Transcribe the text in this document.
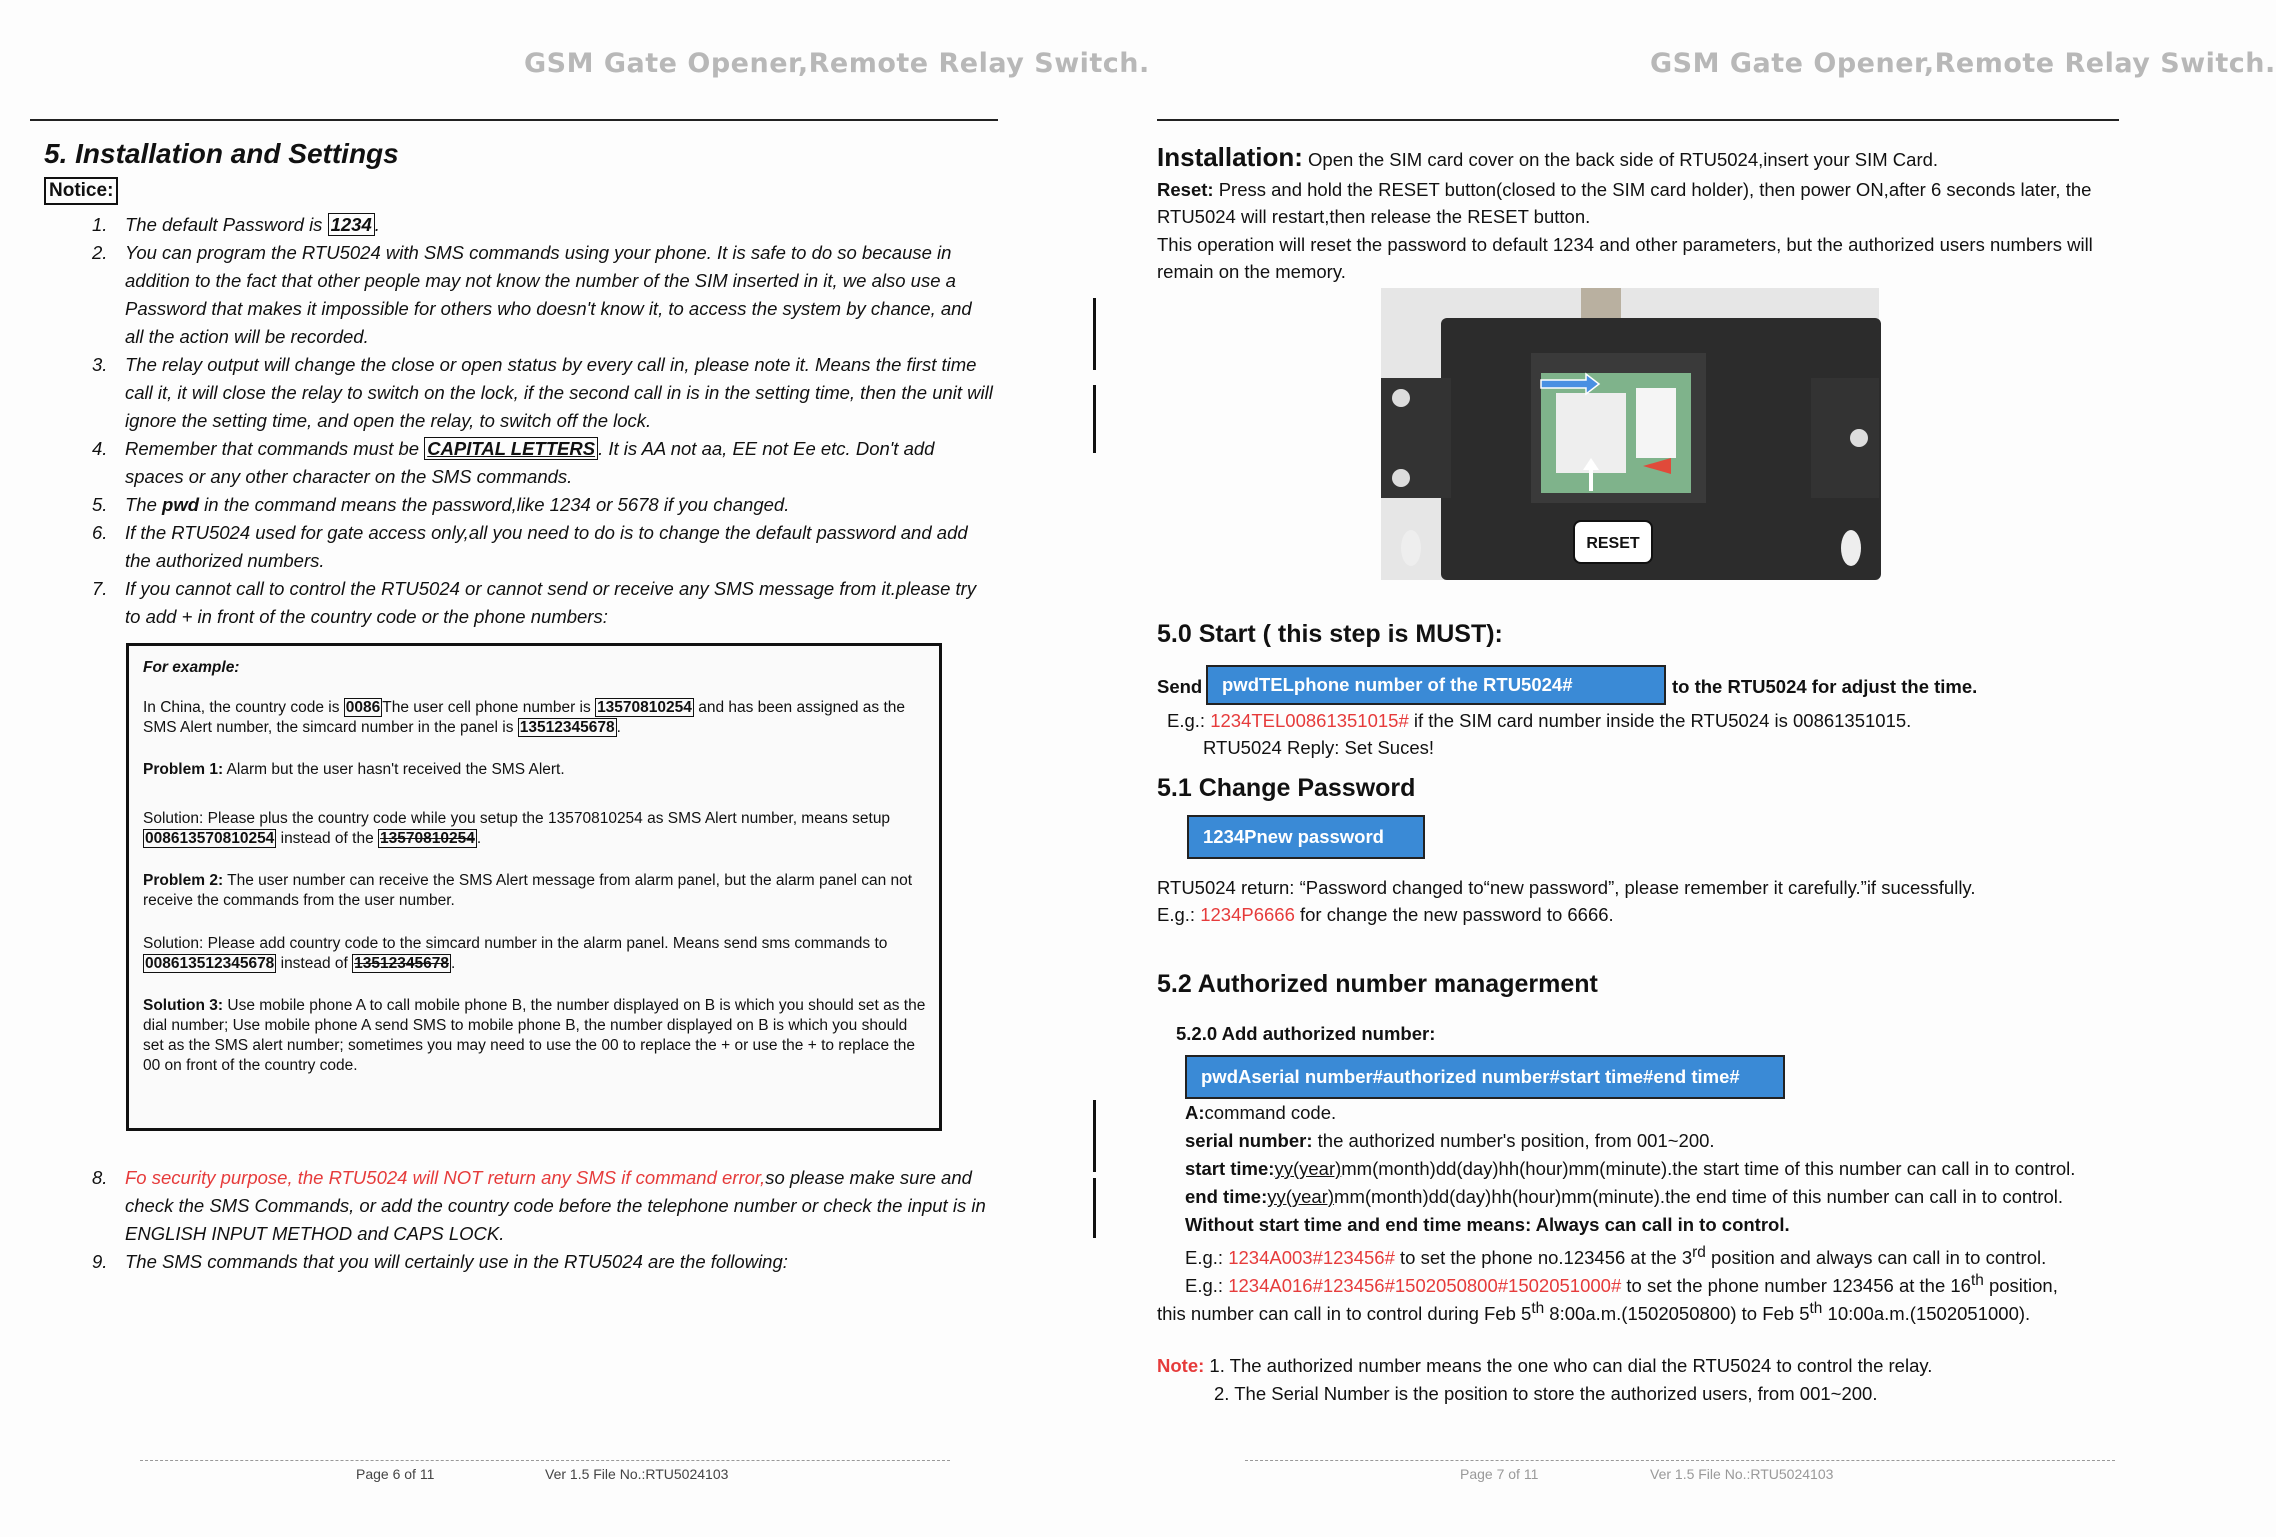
GSM Gate Opener,Remote Relay Switch.
5. Installation and Settings
Notice:
1. The default Password is 1234 .
2. You can program the RTU5024 with SMS commands using your phone. It is safe to do so because in addition to the fact that other people may not know the number of the SIM inserted in it, we also use a Password that makes it impossible for others who doesn't know it, to access the system by chance, and all the action will be recorded.
3. The relay output will change the close or open status by every call in, please note it. Means the first time call it, it will close the relay to switch on the lock, if the second call in is in the setting time, then the unit will ignore the setting time, and open the relay, to switch off the lock.
4. Remember that commands must be CAPITAL LETTERS . It is AA not aa, EE not Ee etc. Don't add spaces or any other character on the SMS commands.
5. The pwd in the command means the password,like 1234 or 5678 if you changed.
6. If the RTU5024 used for gate access only,all you need to do is to change the default password and add the authorized numbers.
7. If you cannot call to control the RTU5024 or cannot send or receive any SMS message from it.please try to add + in front of the country code or the phone numbers:
For example:
In China, the country code is 0086 The user cell phone number is 13570810254 and has been assigned as the SMS Alert number, the simcard number in the panel is 13512345678 .
Problem 1: Alarm but the user hasn't received the SMS Alert.
Solution: Please plus the country code while you setup the 13570810254 as SMS Alert number, means setup 008613570810254 instead of the 13570810254 .
Problem 2: The user number can receive the SMS Alert message from alarm panel, but the alarm panel can not receive the commands from the user number.
Solution: Please add country code to the simcard number in the alarm panel. Means send sms commands to 008613512345678 instead of 13512345678 .
Solution 3: Use mobile phone A to call mobile phone B, the number displayed on B is which you should set as the dial number; Use mobile phone A send SMS to mobile phone B, the number displayed on B is which you should set as the SMS alert number; sometimes you may need to use the 00 to replace the + or use the + to replace the 00 on front of the country code.
8. Fo security purpose, the RTU5024 will NOT return any SMS if command error,so please make sure and check the SMS Commands, or add the country code before the telephone number or check the input is in ENGLISH INPUT METHOD and CAPS LOCK.
9. The SMS commands that you will certainly use in the RTU5024 are the following:
Page 6 of 11	Ver 1.5 File No.:RTU5024103
GSM Gate Opener,Remote Relay Switch.
Installation: Open the SIM card cover on the back side of RTU5024,insert your SIM Card.
Reset: Press and hold the RESET button(closed to the SIM card holder), then power ON,after 6 seconds later, the RTU5024 will restart,then release the RESET button.
This operation will reset the password to default 1234 and other parameters, but the authorized users numbers will remain on the memory.
RESET
5.0 Start ( this step is MUST):
Send	pwdTELphone number of the RTU5024#	to the RTU5024 for adjust the time.
E.g.: 1234TEL00861351015# if the SIM card number inside the RTU5024 is 00861351015.
RTU5024 Reply: Set Suces!
5.1 Change Password
1234Pnew password
RTU5024 return: “Password changed to“new password”, please remember it carefully.”if sucessfully.
E.g.: 1234P6666 for change the new password to 6666.
5.2 Authorized number managerment
5.2.0 Add authorized number:
pwdAserial number#authorized number#start time#end time#
A:command code.
serial number: the authorized number's position, from 001~200.
start time:yy(year)mm(month)dd(day)hh(hour)mm(minute).the start time of this number can call in to control.
end time:yy(year)mm(month)dd(day)hh(hour)mm(minute).the end time of this number can call in to control.
Without start time and end time means: Always can call in to control.
E.g.: 1234A003#123456# to set the phone no.123456 at the 3rd position and always can call in to control.
E.g.: 1234A016#123456#1502050800#1502051000# to set the phone number 123456 at the 16th position,
this number can call in to control during Feb 5th 8:00a.m.(1502050800) to Feb 5th 10:00a.m.(1502051000).
Note: 1. The authorized number means the one who can dial the RTU5024 to control the relay.
2. The Serial Number is the position to store the authorized users, from 001~200.
Page 7 of 11	Ver 1.5 File No.:RTU5024103
